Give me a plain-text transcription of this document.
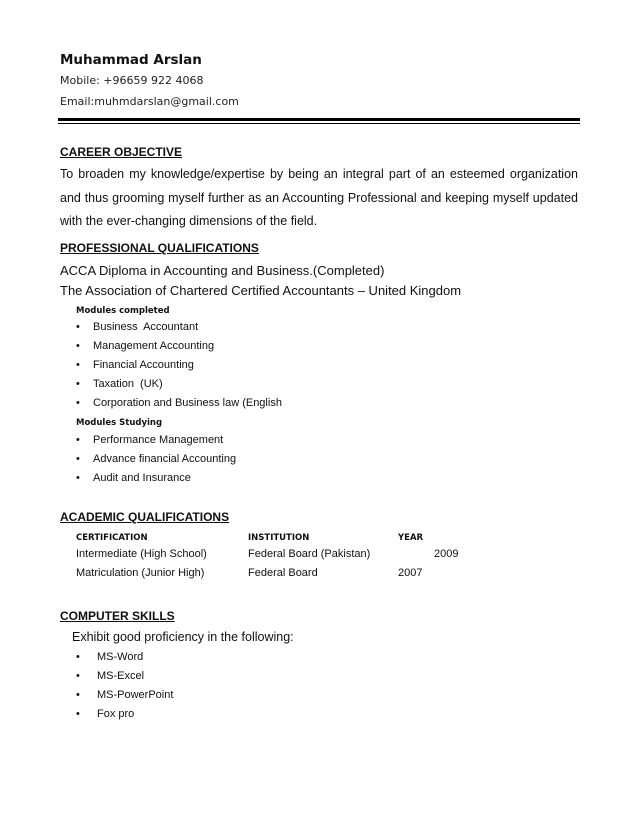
Muhammad Arslan
Mobile: +96659 922 4068
Email:muhmdarslan@gmail.com
CAREER OBJECTIVE
To broaden my knowledge/expertise by being an integral part of an esteemed organization and thus grooming myself further as an Accounting Professional and keeping myself updated with the ever-changing dimensions of the field.
PROFESSIONAL QUALIFICATIONS
ACCA Diploma in Accounting and Business.(Completed)
The Association of Chartered Certified Accountants – United Kingdom
Modules completed
• Business Accountant
• Management Accounting
• Financial Accounting
• Taxation (UK)
• Corporation and Business law (English
Modules Studying
• Performance Management
• Advance financial Accounting
• Audit and Insurance
ACADEMIC QUALIFICATIONS
CERTIFICATION	INSTITUTION	YEAR
Intermediate (High School)	Federal Board (Pakistan)	2009
Matriculation (Junior High)	Federal Board	2007
COMPUTER SKILLS
Exhibit good proficiency in the following:
• MS-Word
• MS-Excel
• MS-PowerPoint
• Fox pro
